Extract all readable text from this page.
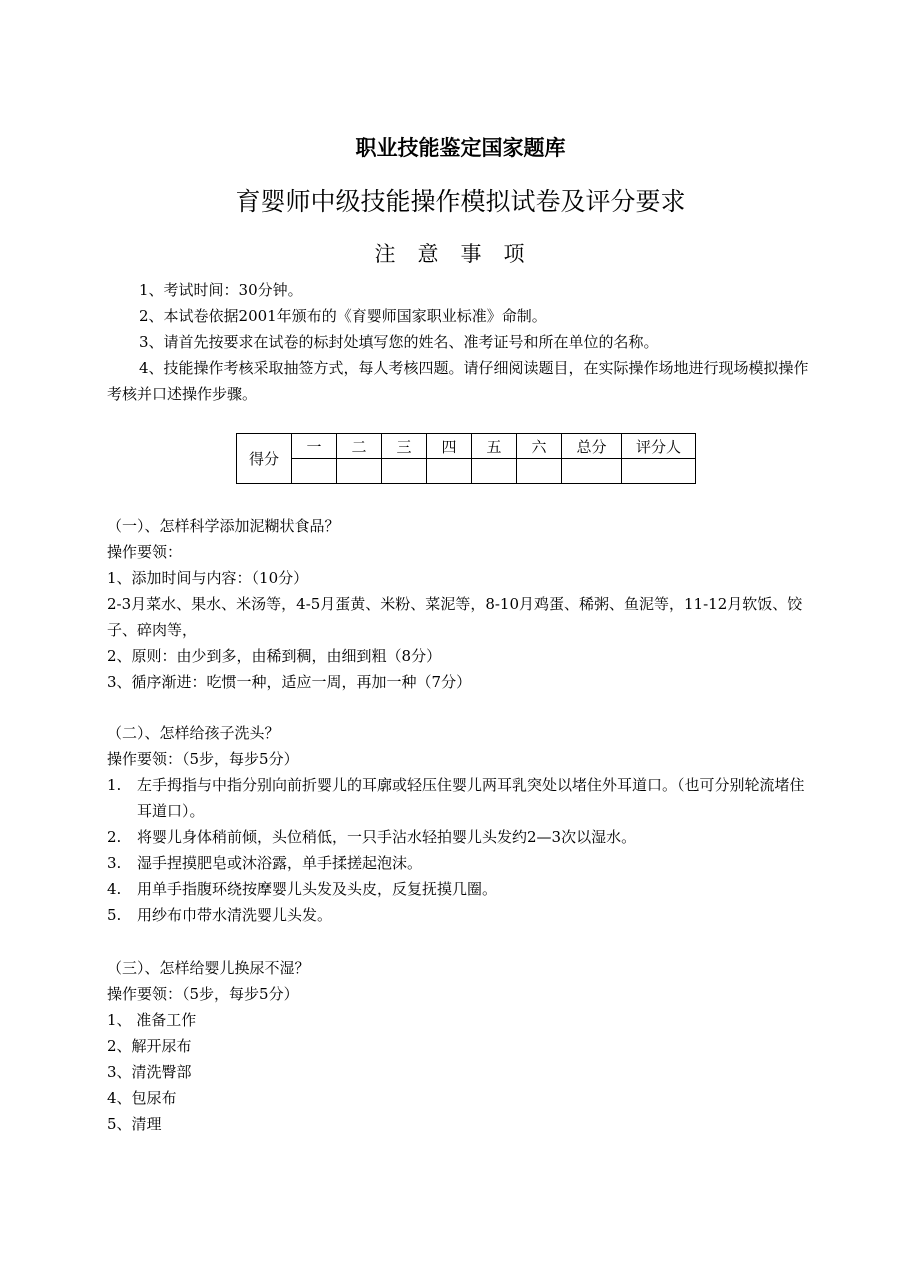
职业技能鉴定国家题库
育婴师中级技能操作模拟试卷及评分要求
注意事项

1、考试时间：30分钟。

2、本试卷依据2001年颁布的《育婴师国家职业标准》命制。

3、请首先按要求在试卷的标封处填写您的姓名、准考证号和所在单位的名称。

4、技能操作考核采取抽签方式，每人考核四题。请仔细阅读题目，在实际操作场地进行现场模拟操作考核并口述操作步骤。

得分	一	二	三	四	五	六	总分	评分人

（一）、怎样科学添加泥糊状食品？

操作要领：

1、添加时间与内容：（10分）

2-3月菜水、果水、米汤等，4-5月蛋黄、米粉、菜泥等，8-10月鸡蛋、稀粥、鱼泥等，11-12月软饭、饺子、碎肉等，

2、原则：由少到多，由稀到稠，由细到粗（8分）

3、循序渐进：吃惯一种，适应一周，再加一种（7分）

（二）、怎样给孩子洗头？

操作要领：（5步，每步5分）

1.	左手拇指与中指分别向前折婴儿的耳廓或轻压住婴儿两耳乳突处以堵住外耳道口。（也可分别轮流堵住耳道口）。
2.	将婴儿身体稍前倾，头位稍低，一只手沾水轻拍婴儿头发约2—3次以湿水。
3.	湿手捏摸肥皂或沐浴露，单手揉搓起泡沫。
4.	用单手指腹环绕按摩婴儿头发及头皮，反复抚摸几圈。
5.	用纱布巾带水清洗婴儿头发。

（三）、怎样给婴儿换尿不湿？

操作要领：（5步，每步5分）

1、 准备工作

2、解开尿布

3、清洗臀部

4、包尿布

5、清理
